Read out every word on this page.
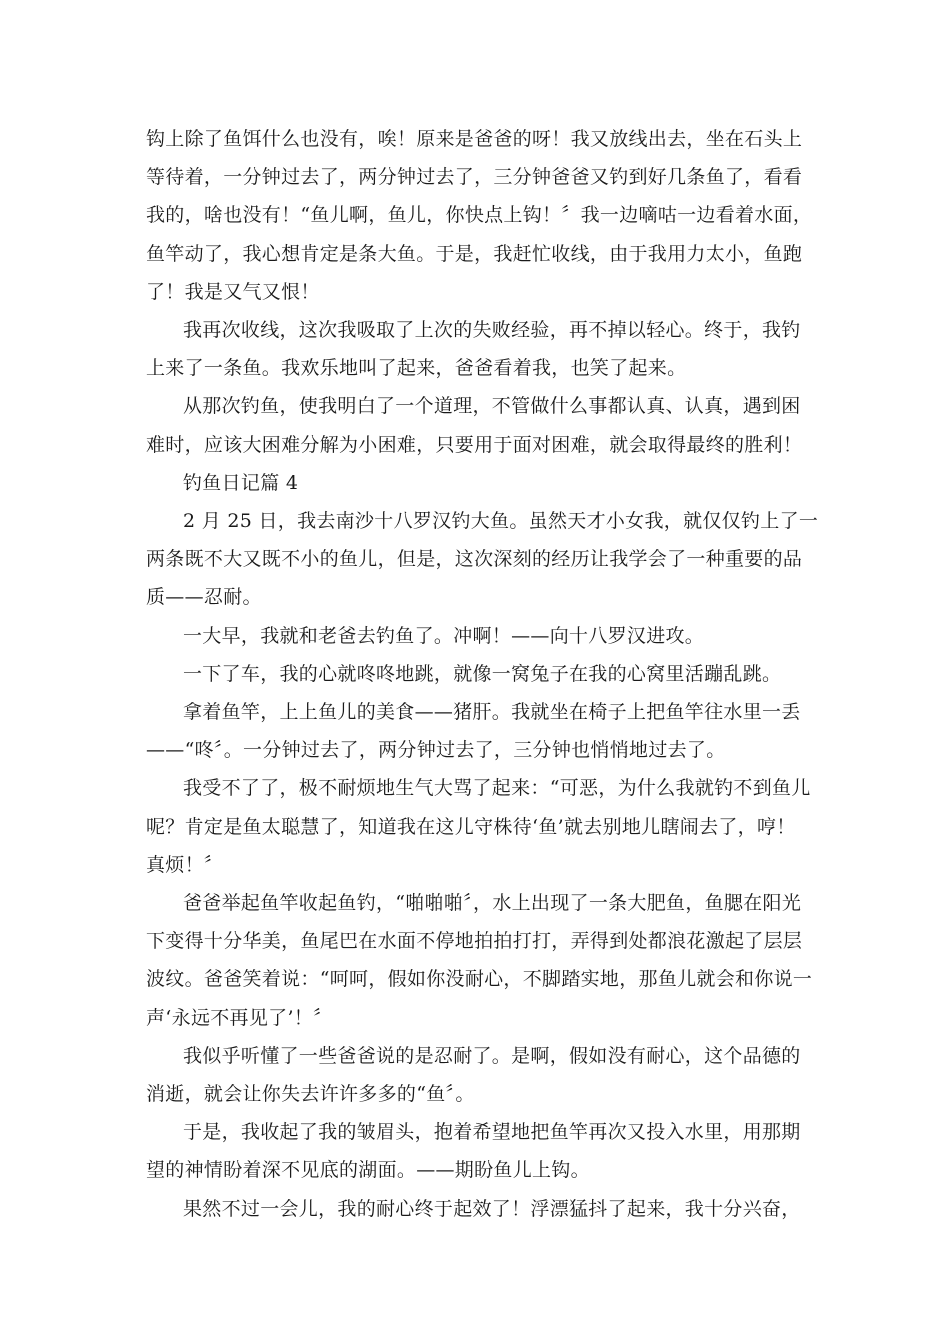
钩上除了鱼饵什么也没有，唉！原来是爸爸的呀！我又放线出去，坐在石头上
等待着，一分钟过去了，两分钟过去了，三分钟爸爸又钓到好几条鱼了，看看
我的，啥也没有！“鱼儿啊，鱼儿，你快点上钩！〞我一边嘀咕一边看着水面，
鱼竿动了，我心想肯定是条大鱼。于是，我赶忙收线，由于我用力太小，鱼跑
了！我是又气又恨！
我再次收线，这次我吸取了上次的失败经验，再不掉以轻心。终于，我钓
上来了一条鱼。我欢乐地叫了起来，爸爸看着我，也笑了起来。
从那次钓鱼，使我明白了一个道理，不管做什么事都认真、认真，遇到困
难时，应该大困难分解为小困难，只要用于面对困难，就会取得最终的胜利！
钓鱼日记篇 4
2 月 25 日，我去南沙十八罗汉钓大鱼。虽然天才小女我，就仅仅钓上了一
两条既不大又既不小的鱼儿，但是，这次深刻的经历让我学会了一种重要的品
质——忍耐。
一大早，我就和老爸去钓鱼了。冲啊！——向十八罗汉进攻。
一下了车，我的心就咚咚地跳，就像一窝兔子在我的心窝里活蹦乱跳。
拿着鱼竿，上上鱼儿的美食——猪肝。我就坐在椅子上把鱼竿往水里一丢
——“咚〞。一分钟过去了，两分钟过去了，三分钟也悄悄地过去了。
我受不了了，极不耐烦地生气大骂了起来：“可恶，为什么我就钓不到鱼儿
呢？肯定是鱼太聪慧了，知道我在这儿守株待‘鱼’就去别地儿瞎闹去了，哼！
真烦！〞
爸爸举起鱼竿收起鱼钓，“啪啪啪〞，水上出现了一条大肥鱼，鱼腮在阳光
下变得十分华美，鱼尾巴在水面不停地拍拍打打，弄得到处都浪花激起了层层
波纹。爸爸笑着说：“呵呵，假如你没耐心，不脚踏实地，那鱼儿就会和你说一
声‘永远不再见了’！〞
我似乎听懂了一些爸爸说的是忍耐了。是啊，假如没有耐心，这个品德的
消逝，就会让你失去许许多多的“鱼〞。
于是，我收起了我的皱眉头，抱着希望地把鱼竿再次又投入水里，用那期
望的神情盼着深不见底的湖面。——期盼鱼儿上钩。
果然不过一会儿，我的耐心终于起效了！浮漂猛抖了起来，我十分兴奋，
